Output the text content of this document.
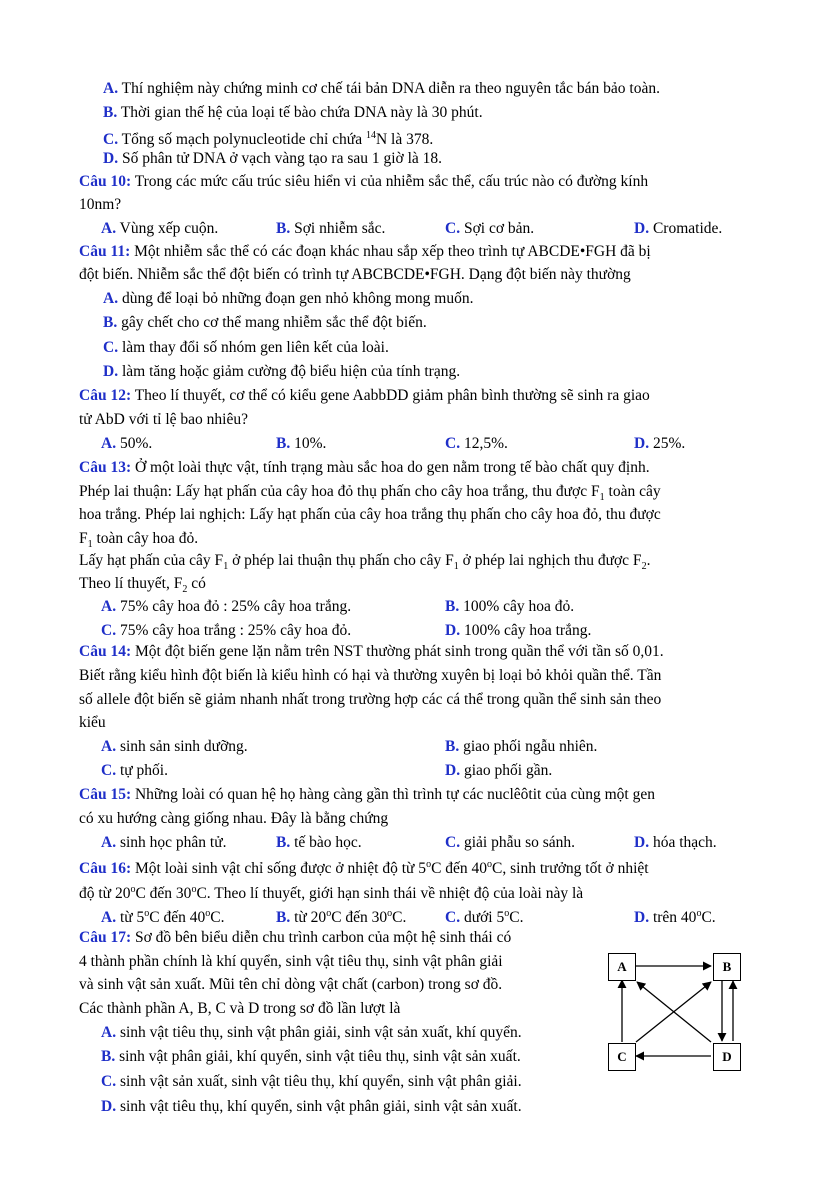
A. Thí nghiệm này chứng minh cơ chế tái bản DNA diễn ra theo nguyên tắc bán bảo toàn.
B. Thời gian thế hệ của loại tế bào chứa DNA này là 30 phút.
C. Tổng số mạch polynucleotide chỉ chứa $^{14}$N là 378.
D. Số phân tử DNA ở vạch vàng tạo ra sau 1 giờ là 18.
Câu 10: Trong các mức cấu trúc siêu hiển vi của nhiễm sắc thể, cấu trúc nào có đường kính
10nm?
A. Vùng xếp cuộn.	B. Sợi nhiễm sắc.	C. Sợi cơ bản.	D. Cromatide.
Câu 11: Một nhiễm sắc thể có các đoạn khác nhau sắp xếp theo trình tự ABCDE•FGH đã bị
đột biến. Nhiễm sắc thể đột biến có trình tự ABCBCDE•FGH. Dạng đột biến này thường
A. dùng để loại bỏ những đoạn gen nhỏ không mong muốn.
B. gây chết cho cơ thể mang nhiễm sắc thể đột biến.
C. làm thay đổi số nhóm gen liên kết của loài.
D. làm tăng hoặc giảm cường độ biểu hiện của tính trạng.
Câu 12: Theo lí thuyết, cơ thể có kiểu gene AabbDD giảm phân bình thường sẽ sinh ra giao
tử AbD với tỉ lệ bao nhiêu?
A. 50%.	B. 10%.	C. 12,5%.	D. 25%.
Câu 13: Ở một loài thực vật, tính trạng màu sắc hoa do gen nằm trong tế bào chất quy định.
Phép lai thuận: Lấy hạt phấn của cây hoa đỏ thụ phấn cho cây hoa trắng, thu được $F_1$ toàn cây
hoa trắng. Phép lai nghịch: Lấy hạt phấn của cây hoa trắng thụ phấn cho cây hoa đỏ, thu được
$F_1$ toàn cây hoa đỏ.
Lấy hạt phấn của cây $F_1$ ở phép lai thuận thụ phấn cho cây $F_1$ ở phép lai nghịch thu được $F_2$.
Theo lí thuyết, $F_2$ có
A. 75% cây hoa đỏ : 25% cây hoa trắng.	B. 100% cây hoa đỏ.
C. 75% cây hoa trắng : 25% cây hoa đỏ.	D. 100% cây hoa trắng.
Câu 14: Một đột biến gene lặn nằm trên NST thường phát sinh trong quần thể với tần số 0,01.
Biết rằng kiểu hình đột biến là kiểu hình có hại và thường xuyên bị loại bỏ khỏi quần thể. Tần
số allele đột biến sẽ giảm nhanh nhất trong trường hợp các cá thể trong quần thể sinh sản theo
kiểu
A. sinh sản sinh dưỡng.	B. giao phối ngẫu nhiên.
C. tự phối.	D. giao phối gần.
Câu 15: Những loài có quan hệ họ hàng càng gần thì trình tự các nuclêôtit của cùng một gen
có xu hướng càng giống nhau. Đây là bằng chứng
A. sinh học phân tử.	B. tế bào học.	C. giải phẫu so sánh.	D. hóa thạch.
Câu 16: Một loài sinh vật chỉ sống được ở nhiệt độ từ 5$^o$C đến 40$^o$C, sinh trưởng tốt ở nhiệt
độ từ 20$^o$C đến 30$^o$C. Theo lí thuyết, giới hạn sinh thái về nhiệt độ của loài này là
A. từ 5$^o$C đến 40$^o$C.	B. từ 20$^o$C đến 30$^o$C. C. dưới 5$^o$C.	D. trên 40$^o$C.
Câu 17: Sơ đồ bên biểu diễn chu trình carbon của một hệ sinh thái có
4 thành phần chính là khí quyển, sinh vật tiêu thụ, sinh vật phân giải
và sinh vật sản xuất. Mũi tên chỉ dòng vật chất (carbon) trong sơ đồ.
Các thành phần A, B, C và D trong sơ đồ lần lượt là
A. sinh vật tiêu thụ, sinh vật phân giải, sinh vật sản xuất, khí quyển.
B. sinh vật phân giải, khí quyển, sinh vật tiêu thụ, sinh vật sản xuất.
C. sinh vật sản xuất, sinh vật tiêu thụ, khí quyển, sinh vật phân giải.
D. sinh vật tiêu thụ, khí quyển, sinh vật phân giải, sinh vật sản xuất.
A	B
C	D
